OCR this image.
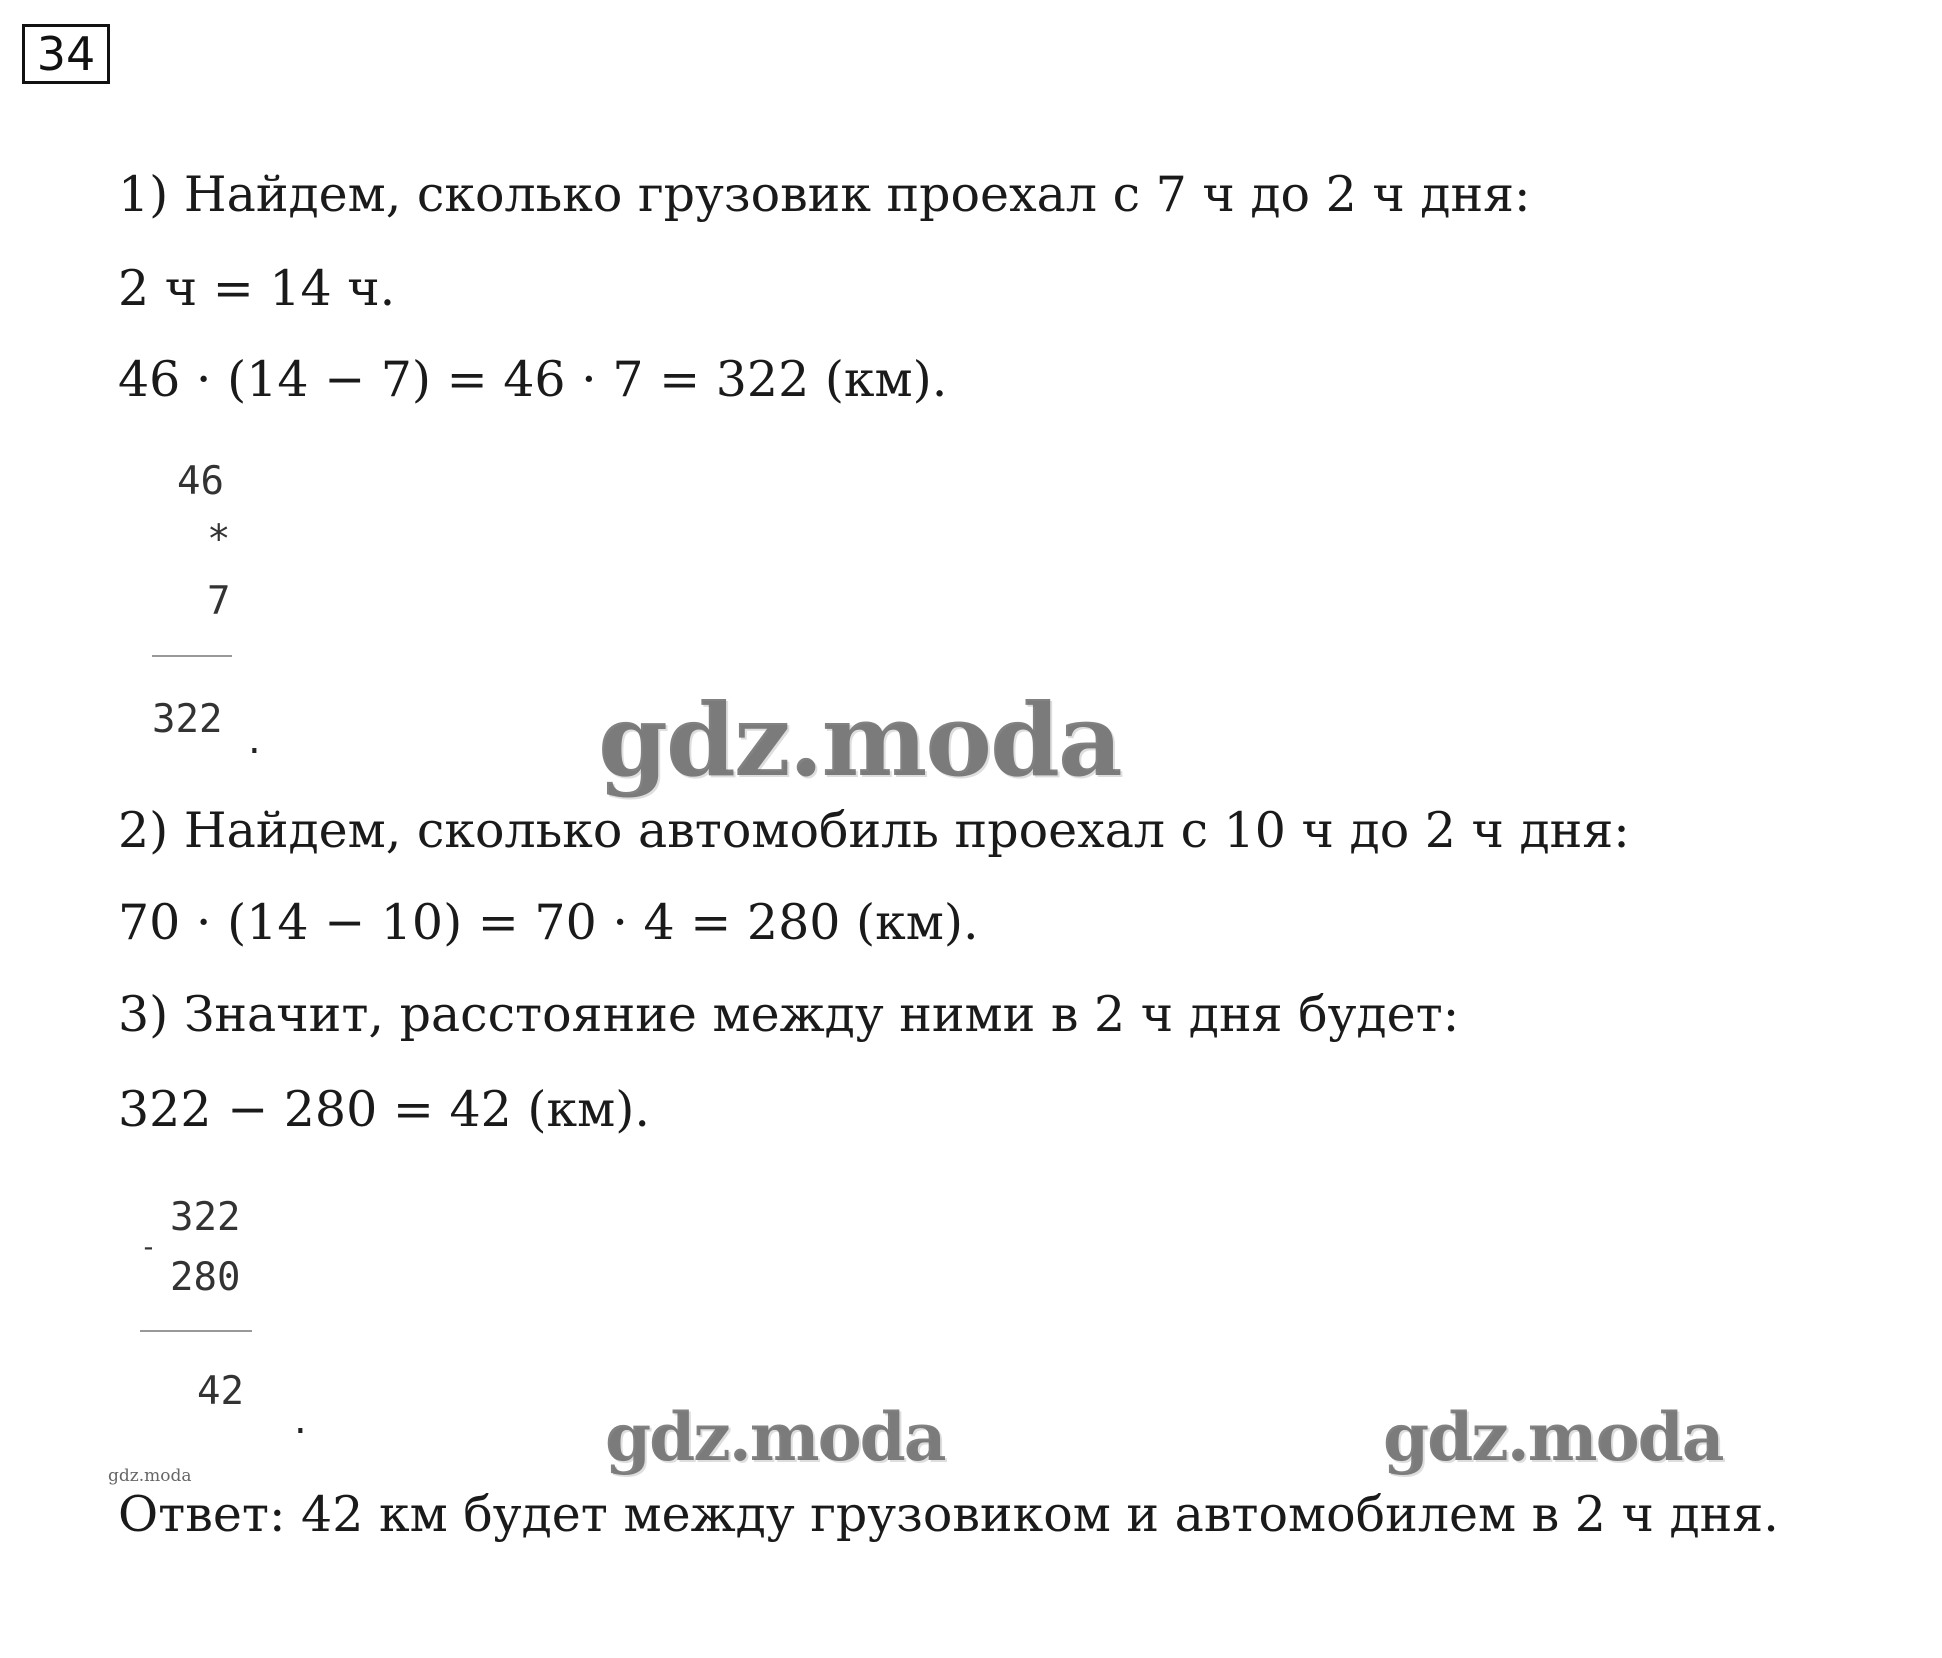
34
1) Найдем, сколько грузовик проехал с 7 ч до 2 ч дня:
2 ч = 14 ч.
46 · (14 − 7) = 46 · 7 = 322 (км).
46
*
7
322 .	gdz.moda
2) Найдем, сколько автомобиль проехал с 10 ч до 2 ч дня:
70 · (14 − 10) = 70 · 4 = 280 (км).
3) Значит, расстояние между ними в 2 ч дня будет:
322 − 280 = 42 (км).
-
322
280
42
.	gdz.moda	gdz.moda
gdz.moda
Ответ: 42 км будет между грузовиком и автомобилем в 2 ч дня.
